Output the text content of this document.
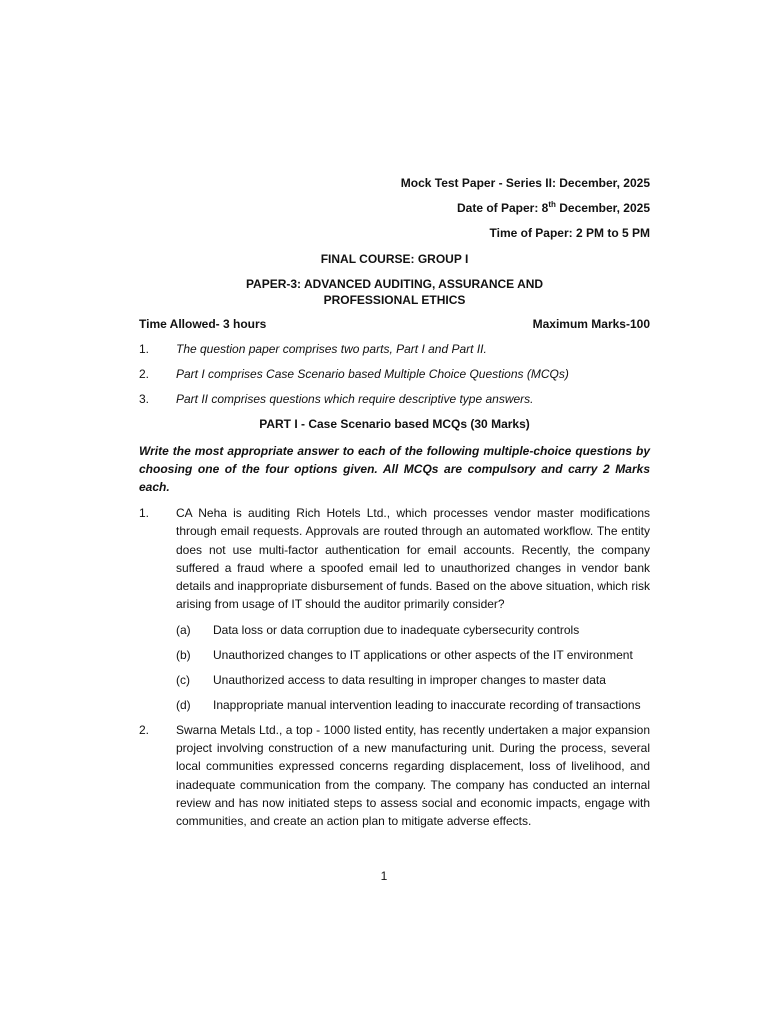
Mock Test Paper - Series II: December, 2025
Date of Paper: 8th December, 2025
Time of Paper: 2 PM to 5 PM
FINAL COURSE: GROUP I
PAPER-3: ADVANCED AUDITING, ASSURANCE AND
PROFESSIONAL ETHICS
Time Allowed- 3 hours	Maximum Marks-100
1.	The question paper comprises two parts, Part I and Part II.
2.	Part I comprises Case Scenario based Multiple Choice Questions (MCQs)
3.	Part II comprises questions which require descriptive type answers.
PART I - Case Scenario based MCQs (30 Marks)
Write the most appropriate answer to each of the following multiple-choice questions by choosing one of the four options given. All MCQs are compulsory and carry 2 Marks each.
1.	CA Neha is auditing Rich Hotels Ltd., which processes vendor master modifications through email requests. Approvals are routed through an automated workflow. The entity does not use multi-factor authentication for email accounts. Recently, the company suffered a fraud where a spoofed email led to unauthorized changes in vendor bank details and inappropriate disbursement of funds. Based on the above situation, which risk arising from usage of IT should the auditor primarily consider?
(a)	Data loss or data corruption due to inadequate cybersecurity controls
(b)	Unauthorized changes to IT applications or other aspects of the IT environment
(c)	Unauthorized access to data resulting in improper changes to master data
(d)	Inappropriate manual intervention leading to inaccurate recording of transactions
2.	Swarna Metals Ltd., a top - 1000 listed entity, has recently undertaken a major expansion project involving construction of a new manufacturing unit. During the process, several local communities expressed concerns regarding displacement, loss of livelihood, and inadequate communication from the company. The company has conducted an internal review and has now initiated steps to assess social and economic impacts, engage with communities, and create an action plan to mitigate adverse effects.
1
